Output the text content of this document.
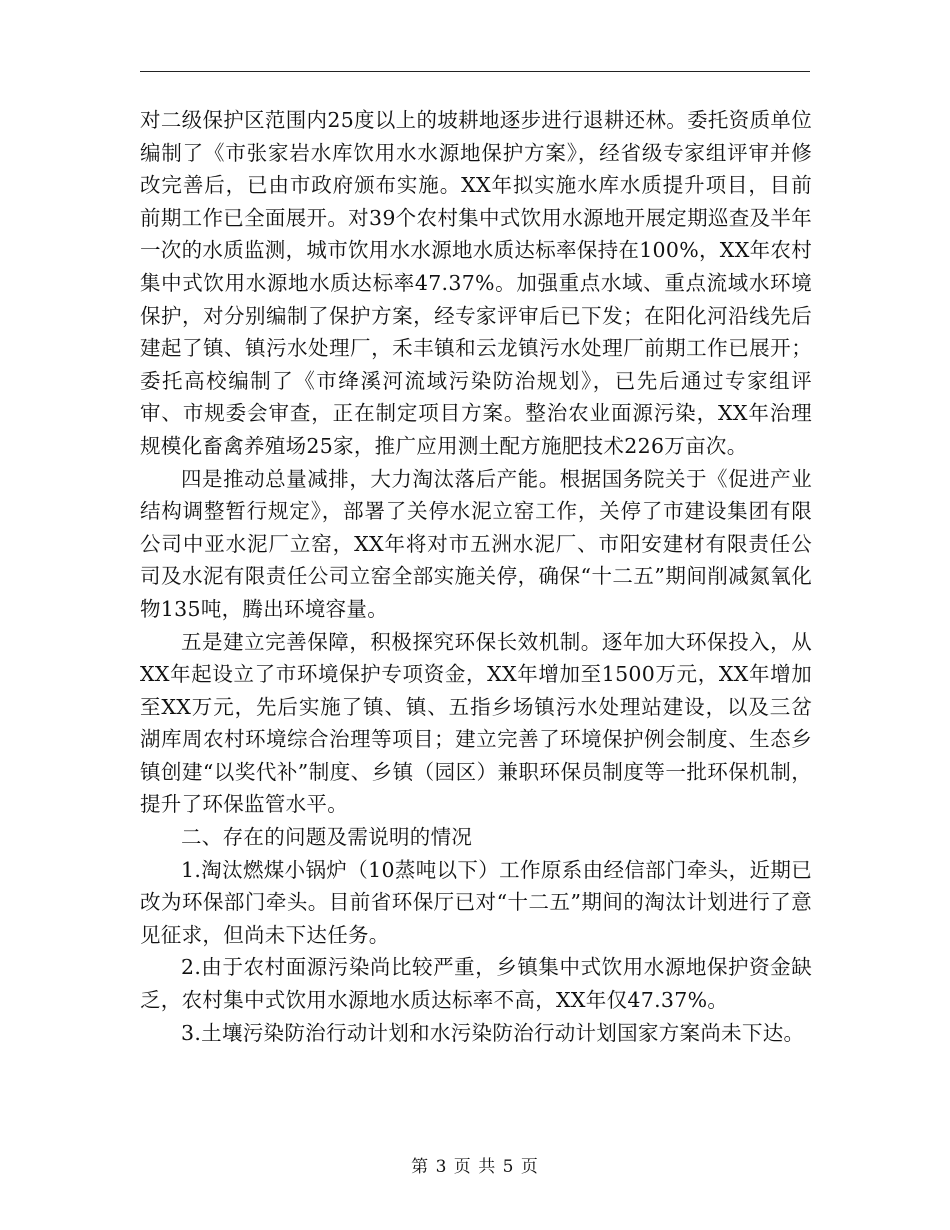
对二级保护区范围内25度以上的坡耕地逐步进行退耕还林。委托资质单位编制了《市张家岩水库饮用水水源地保护方案》，经省级专家组评审并修改完善后，已由市政府颁布实施。XX年拟实施水库水质提升项目，目前前期工作已全面展开。对39个农村集中式饮用水源地开展定期巡查及半年一次的水质监测，城市饮用水水源地水质达标率保持在100%，XX年农村集中式饮用水源地水质达标率47.37%。加强重点水域、重点流域水环境保护，对分别编制了保护方案，经专家评审后已下发；在阳化河沿线先后建起了镇、镇污水处理厂，禾丰镇和云龙镇污水处理厂前期工作已展开；委托高校编制了《市绛溪河流域污染防治规划》，已先后通过专家组评审、市规委会审查，正在制定项目方案。整治农业面源污染，XX年治理规模化畜禽养殖场25家，推广应用测土配方施肥技术226万亩次。

四是推动总量减排，大力淘汰落后产能。根据国务院关于《促进产业结构调整暂行规定》，部署了关停水泥立窑工作，关停了市建设集团有限公司中亚水泥厂立窑，XX年将对市五洲水泥厂、市阳安建材有限责任公司及水泥有限责任公司立窑全部实施关停，确保“十二五”期间削减氮氧化物135吨，腾出环境容量。

五是建立完善保障，积极探究环保长效机制。逐年加大环保投入，从XX年起设立了市环境保护专项资金，XX年增加至1500万元，XX年增加至XX万元，先后实施了镇、镇、五指乡场镇污水处理站建设，以及三岔湖库周农村环境综合治理等项目；建立完善了环境保护例会制度、生态乡镇创建“以奖代补”制度、乡镇（园区）兼职环保员制度等一批环保机制，提升了环保监管水平。

二、存在的问题及需说明的情况

1.淘汰燃煤小锅炉（10蒸吨以下）工作原系由经信部门牵头，近期已改为环保部门牵头。目前省环保厅已对“十二五”期间的淘汰计划进行了意见征求，但尚未下达任务。

2.由于农村面源污染尚比较严重，乡镇集中式饮用水源地保护资金缺乏，农村集中式饮用水源地水质达标率不高，XX年仅47.37%。

3.土壤污染防治行动计划和水污染防治行动计划国家方案尚未下达。

第 3 页 共 5 页
